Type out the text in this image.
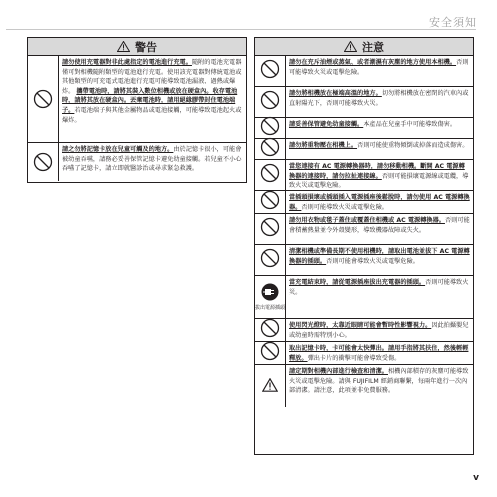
安全須知
警告
請勿使用充電器對非此處指定的電池進行充電。隨附的電池充電器僅可對相機隨附類型的電池進行充電。使用該充電器對傳統電池或其他類型的可充電式電池進行充電可能導致電池漏液、過熱或爆炸。 攜帶電池時，請將其裝入數位相機或放在硬盒內。收存電池時，請將其放在硬盒內。丟棄電池時，請用絕緣膠帶封住電池端子。若電池端子與其他金屬物品或電池接觸，可能導致電池起火或爆炸。
請之勿將記憶卡放在兒童可觸及的地方。由於記憶卡很小，可能會被幼童吞嚥，請務必妥善保管記憶卡避免幼童接觸。若兒童不小心吞嚥了記憶卡，請立即就醫診治或尋求緊急救護。
注意
請勿在充斥油煙或蒸氣、或者潮濕有灰塵的地方使用本相機。否則可能導致火災或電擊危險。
請勿將相機放在極端高溫的地方。切勿將相機放在密閉的汽車內或直射陽光下，否則可能導致火災。
請妥善保管避免幼童接觸。本產品在兒童手中可能導致傷害。
請勿將重物壓在相機上。否則可能使重物傾倒或掉落而造成傷害。
當您連接有 AC 電源轉換器時，請勿移動相機。斷開 AC 電源轉換器的連接時，請勿拉扯連接線。否則可能損壞電源線或電纜，導致火災或電擊危險。
當插頭損壞或插頭插入電源插座後鬆脫時，請勿使用 AC 電源轉換器。否則可能導致火災或電擊危險。
請勿用衣物或毯子蓋住或覆蓋住相機或 AC 電源轉換器。否則可能會積蓄熱量並令外殼變形，導致機器故障或失火。
清潔相機或準備長期不使用相機時，請取出電池並拔下 AC 電源轉換器的插頭。否則可能會導致火災或電擊危險。
拔出電源插頭
當充電結束時，請從電源插座拔出充電器的插頭。否則可能導致火災。
使用閃光燈時，太靠近眼睛可能會暫時性影響視力。因此拍攝嬰兒或幼童時需特別小心。
取出記憶卡時，卡可能會太快彈出。請用手指將其扶住，然後輕輕釋放。彈出卡片的衝擊可能會導致受傷。
請定期對相機內部進行檢查和清潔。相機內部積存的灰塵可能導致火災或電擊危險。請與 FUJIFILM 經銷商聯繫，每兩年進行一次內部清潔。請注意，此項並非免費服務。
v
